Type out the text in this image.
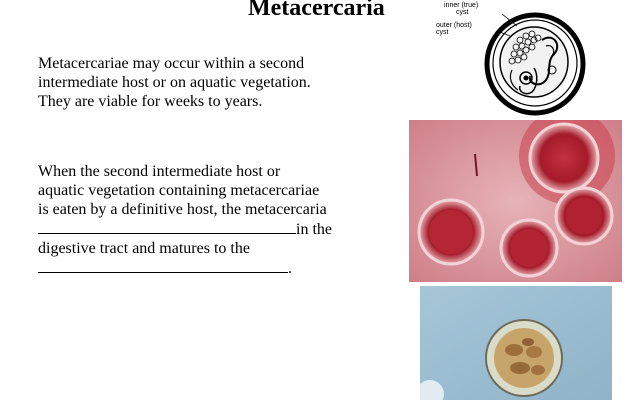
Metacercaria
Metacercariae may occur within a second
intermediate host or on aquatic vegetation.
They are viable for weeks to years.
When the second intermediate host or
aquatic vegetation containing metacercariae
is eaten by a definitive host, the metacercaria
in the
digestive tract and matures to the
.
inner (true)
cyst
outer (host)
cyst
